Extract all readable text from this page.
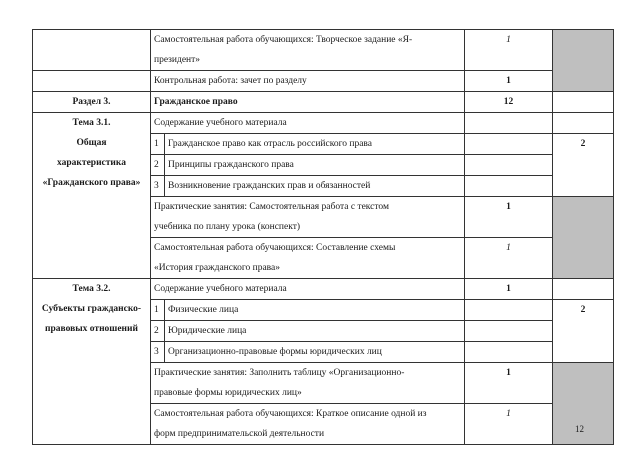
	Самостоятельная работа обучающихся: Творческое задание «Я-
президент»		1	
	Контрольная работа: зачет по разделу		1	
Раздел 3.	Гражданское право		12	

Тема 3.1.
Общая
характеристика
«Гражданского права»	Содержание учебного материала			
	1	Гражданское право как отрасль российского права		2
	2	Принципы гражданского права		
	3	Возникновение гражданских прав и обязанностей		

	Практические занятия: Самостоятельная работа с текстом
учебника по плану урока (конспект)		1	

	Самостоятельная работа обучающихся: Составление схемы
«История гражданского права»		1	

Тема 3.2.
Субъекты гражданско-
правовых отношений	Содержание учебного материала		1	
	1	Физические лица		2
	2	Юридические лица		
	3	Организационно-правовые формы юридических лиц		

	Практические занятия: Заполнить таблицу «Организационно-
правовые формы юридических лиц»		1	

	Самостоятельная работа обучающихся: Краткое описание одной из
форм предпринимательской деятельности		1	
12
